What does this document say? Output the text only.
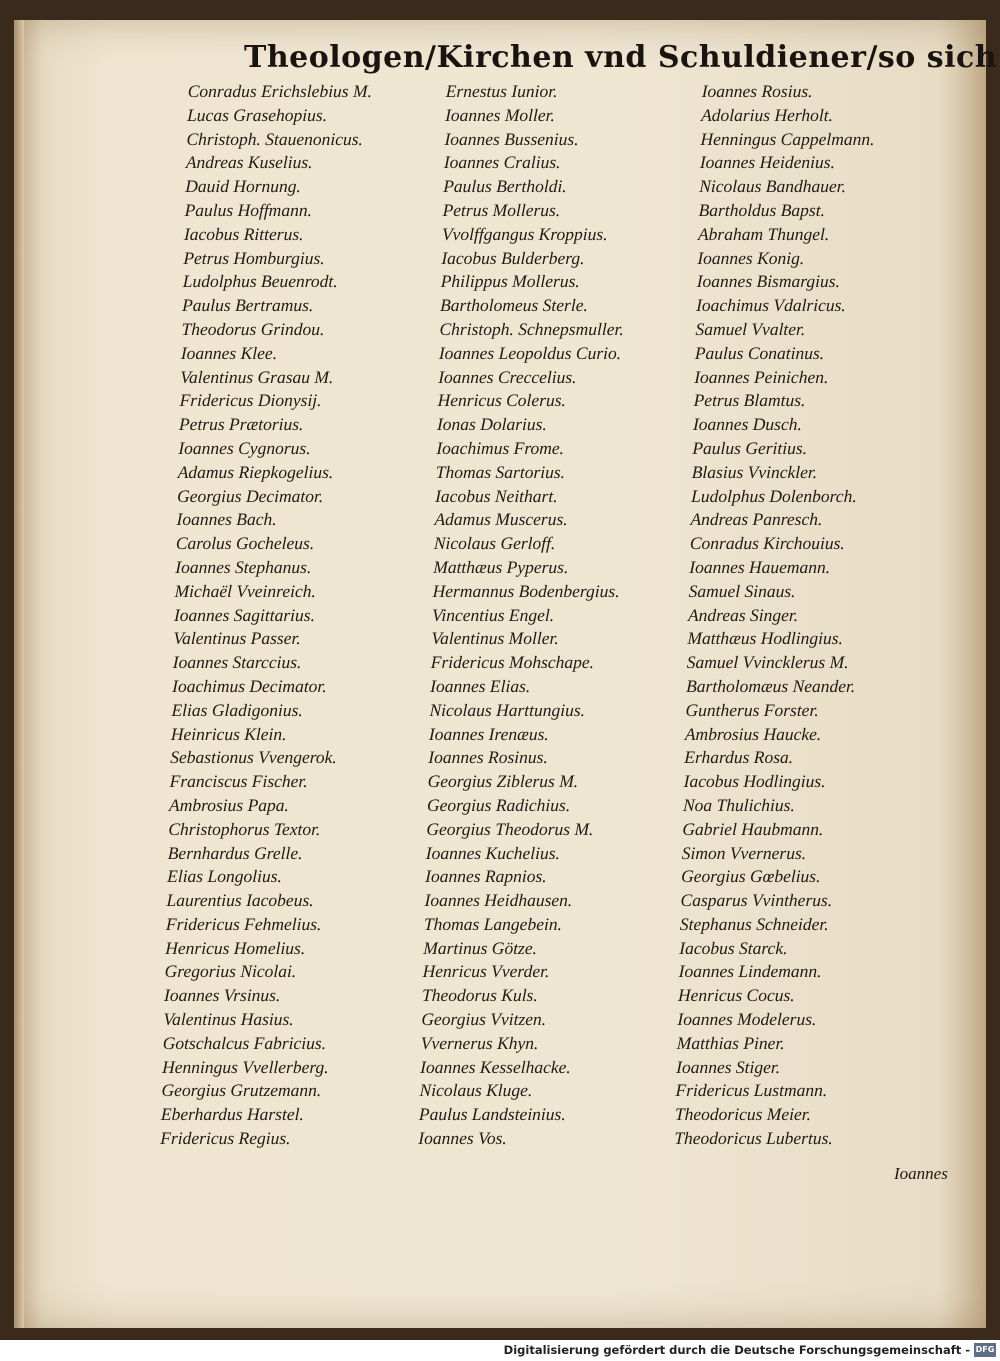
Theologen/Kirchen vnd Schuldiener/so sich
Conradus Erichslebius M.
Lucas Grasehopius.
Christoph. Stauenonicus.
Andreas Kuselius.
Dauid Hornung.
Paulus Hoffmann.
Iacobus Ritterus.
Petrus Homburgius.
Ludolphus Beuenrodt.
Paulus Bertramus.
Theodorus Grindou.
Ioannes Klee.
Valentinus Grasau M.
Fridericus Dionysij.
Petrus Prætorius.
Ioannes Cygnorus.
Adamus Riepkogelius.
Georgius Decimator.
Ioannes Bach.
Carolus Gocheleus.
Ioannes Stephanus.
Michaël Vveinreich.
Ioannes Sagittarius.
Valentinus Passer.
Ioannes Starccius.
Ioachimus Decimator.
Elias Gladigonius.
Heinricus Klein.
Sebastionus Vvengerok.
Franciscus Fischer.
Ambrosius Papa.
Christophorus Textor.
Bernhardus Grelle.
Elias Longolius.
Laurentius Iacobeus.
Fridericus Fehmelius.
Henricus Homelius.
Gregorius Nicolai.
Ioannes Vrsinus.
Valentinus Hasius.
Gotschalcus Fabricius.
Henningus Vvellerberg.
Georgius Grutzemann.
Eberhardus Harstel.
Fridericus Regius.
Ernestus Iunior.
Ioannes Moller.
Ioannes Bussenius.
Ioannes Cralius.
Paulus Bertholdi.
Petrus Mollerus.
Vvolffgangus Kroppius.
Iacobus Bulderberg.
Philippus Mollerus.
Bartholomeus Sterle.
Christoph. Schnepsmuller.
Ioannes Leopoldus Curio.
Ioannes Creccelius.
Henricus Colerus.
Ionas Dolarius.
Ioachimus Frome.
Thomas Sartorius.
Iacobus Neithart.
Adamus Muscerus.
Nicolaus Gerloff.
Matthæus Pyperus.
Hermannus Bodenbergius.
Vincentius Engel.
Valentinus Moller.
Fridericus Mohschape.
Ioannes Elias.
Nicolaus Harttungius.
Ioannes Irenæus.
Ioannes Rosinus.
Georgius Ziblerus M.
Georgius Radichius.
Georgius Theodorus M.
Ioannes Kuchelius.
Ioannes Rapnios.
Ioannes Heidhausen.
Thomas Langebein.
Martinus Götze.
Henricus Vverder.
Theodorus Kuls.
Georgius Vvitzen.
Vvernerus Khyn.
Ioannes Kesselhacke.
Nicolaus Kluge.
Paulus Landsteinius.
Ioannes Vos.
Ioannes Rosius.
Adolarius Herholt.
Henningus Cappelmann.
Ioannes Heidenius.
Nicolaus Bandhauer.
Bartholdus Bapst.
Abraham Thungel.
Ioannes Konig.
Ioannes Bismargius.
Ioachimus Vdalricus.
Samuel Vvalter.
Paulus Conatinus.
Ioannes Peinichen.
Petrus Blamtus.
Ioannes Dusch.
Paulus Geritius.
Blasius Vvinckler.
Ludolphus Dolenborch.
Andreas Panresch.
Conradus Kirchouius.
Ioannes Hauemann.
Samuel Sinaus.
Andreas Singer.
Matthæus Hodlingius.
Samuel Vvincklerus M.
Bartholomæus Neander.
Guntherus Forster.
Ambrosius Haucke.
Erhardus Rosa.
Iacobus Hodlingius.
Noa Thulichius.
Gabriel Haubmann.
Simon Vvernerus.
Georgius Gœbelius.
Casparus Vvintherus.
Stephanus Schneider.
Iacobus Starck.
Ioannes Lindemann.
Henricus Cocus.
Ioannes Modelerus.
Matthias Piner.
Ioannes Stiger.
Fridericus Lustmann.
Theodoricus Meier.
Theodoricus Lubertus.
Ioannes
Digitalisierung gefördert durch die Deutsche Forschungsgemeinschaft - DFG
